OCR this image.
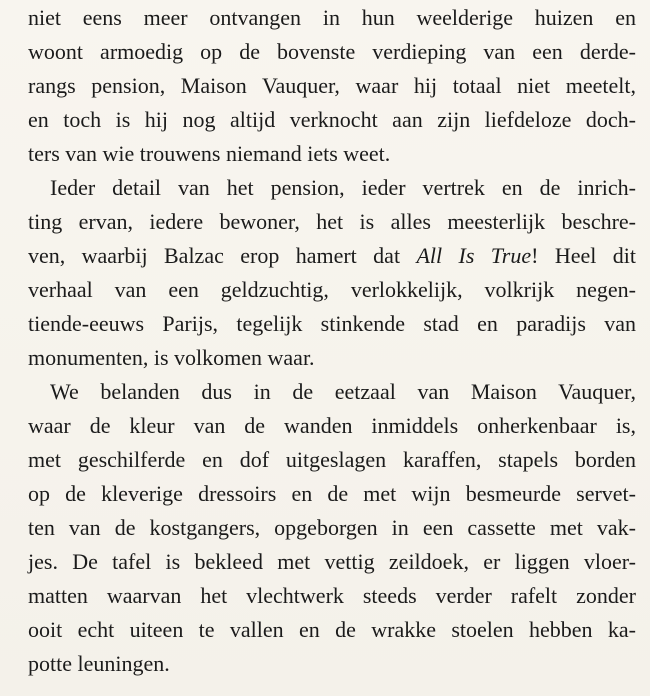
niet eens meer ontvangen in hun weelderige huizen en
woont armoedig op de bovenste verdieping van een derde-
rangs pension, Maison Vauquer, waar hij totaal niet meetelt,
en toch is hij nog altijd verknocht aan zijn liefdeloze doch-
ters van wie trouwens niemand iets weet.
Ieder detail van het pension, ieder vertrek en de inrich-
ting ervan, iedere bewoner, het is alles meesterlijk beschre-
ven, waarbij Balzac erop hamert dat All Is True! Heel dit
verhaal van een geldzuchtig, verlokkelijk, volkrijk negen-
tiende-eeuws Parijs, tegelijk stinkende stad en paradijs van
monumenten, is volkomen waar.
We belanden dus in de eetzaal van Maison Vauquer,
waar de kleur van de wanden inmiddels onherkenbaar is,
met geschilferde en dof uitgeslagen karaffen, stapels borden
op de kleverige dressoirs en de met wijn besmeurde servet-
ten van de kostgangers, opgeborgen in een cassette met vak-
jes. De tafel is bekleed met vettig zeildoek, er liggen vloer-
matten waarvan het vlechtwerk steeds verder rafelt zonder
ooit echt uiteen te vallen en de wrakke stoelen hebben ka-
potte leuningen.
